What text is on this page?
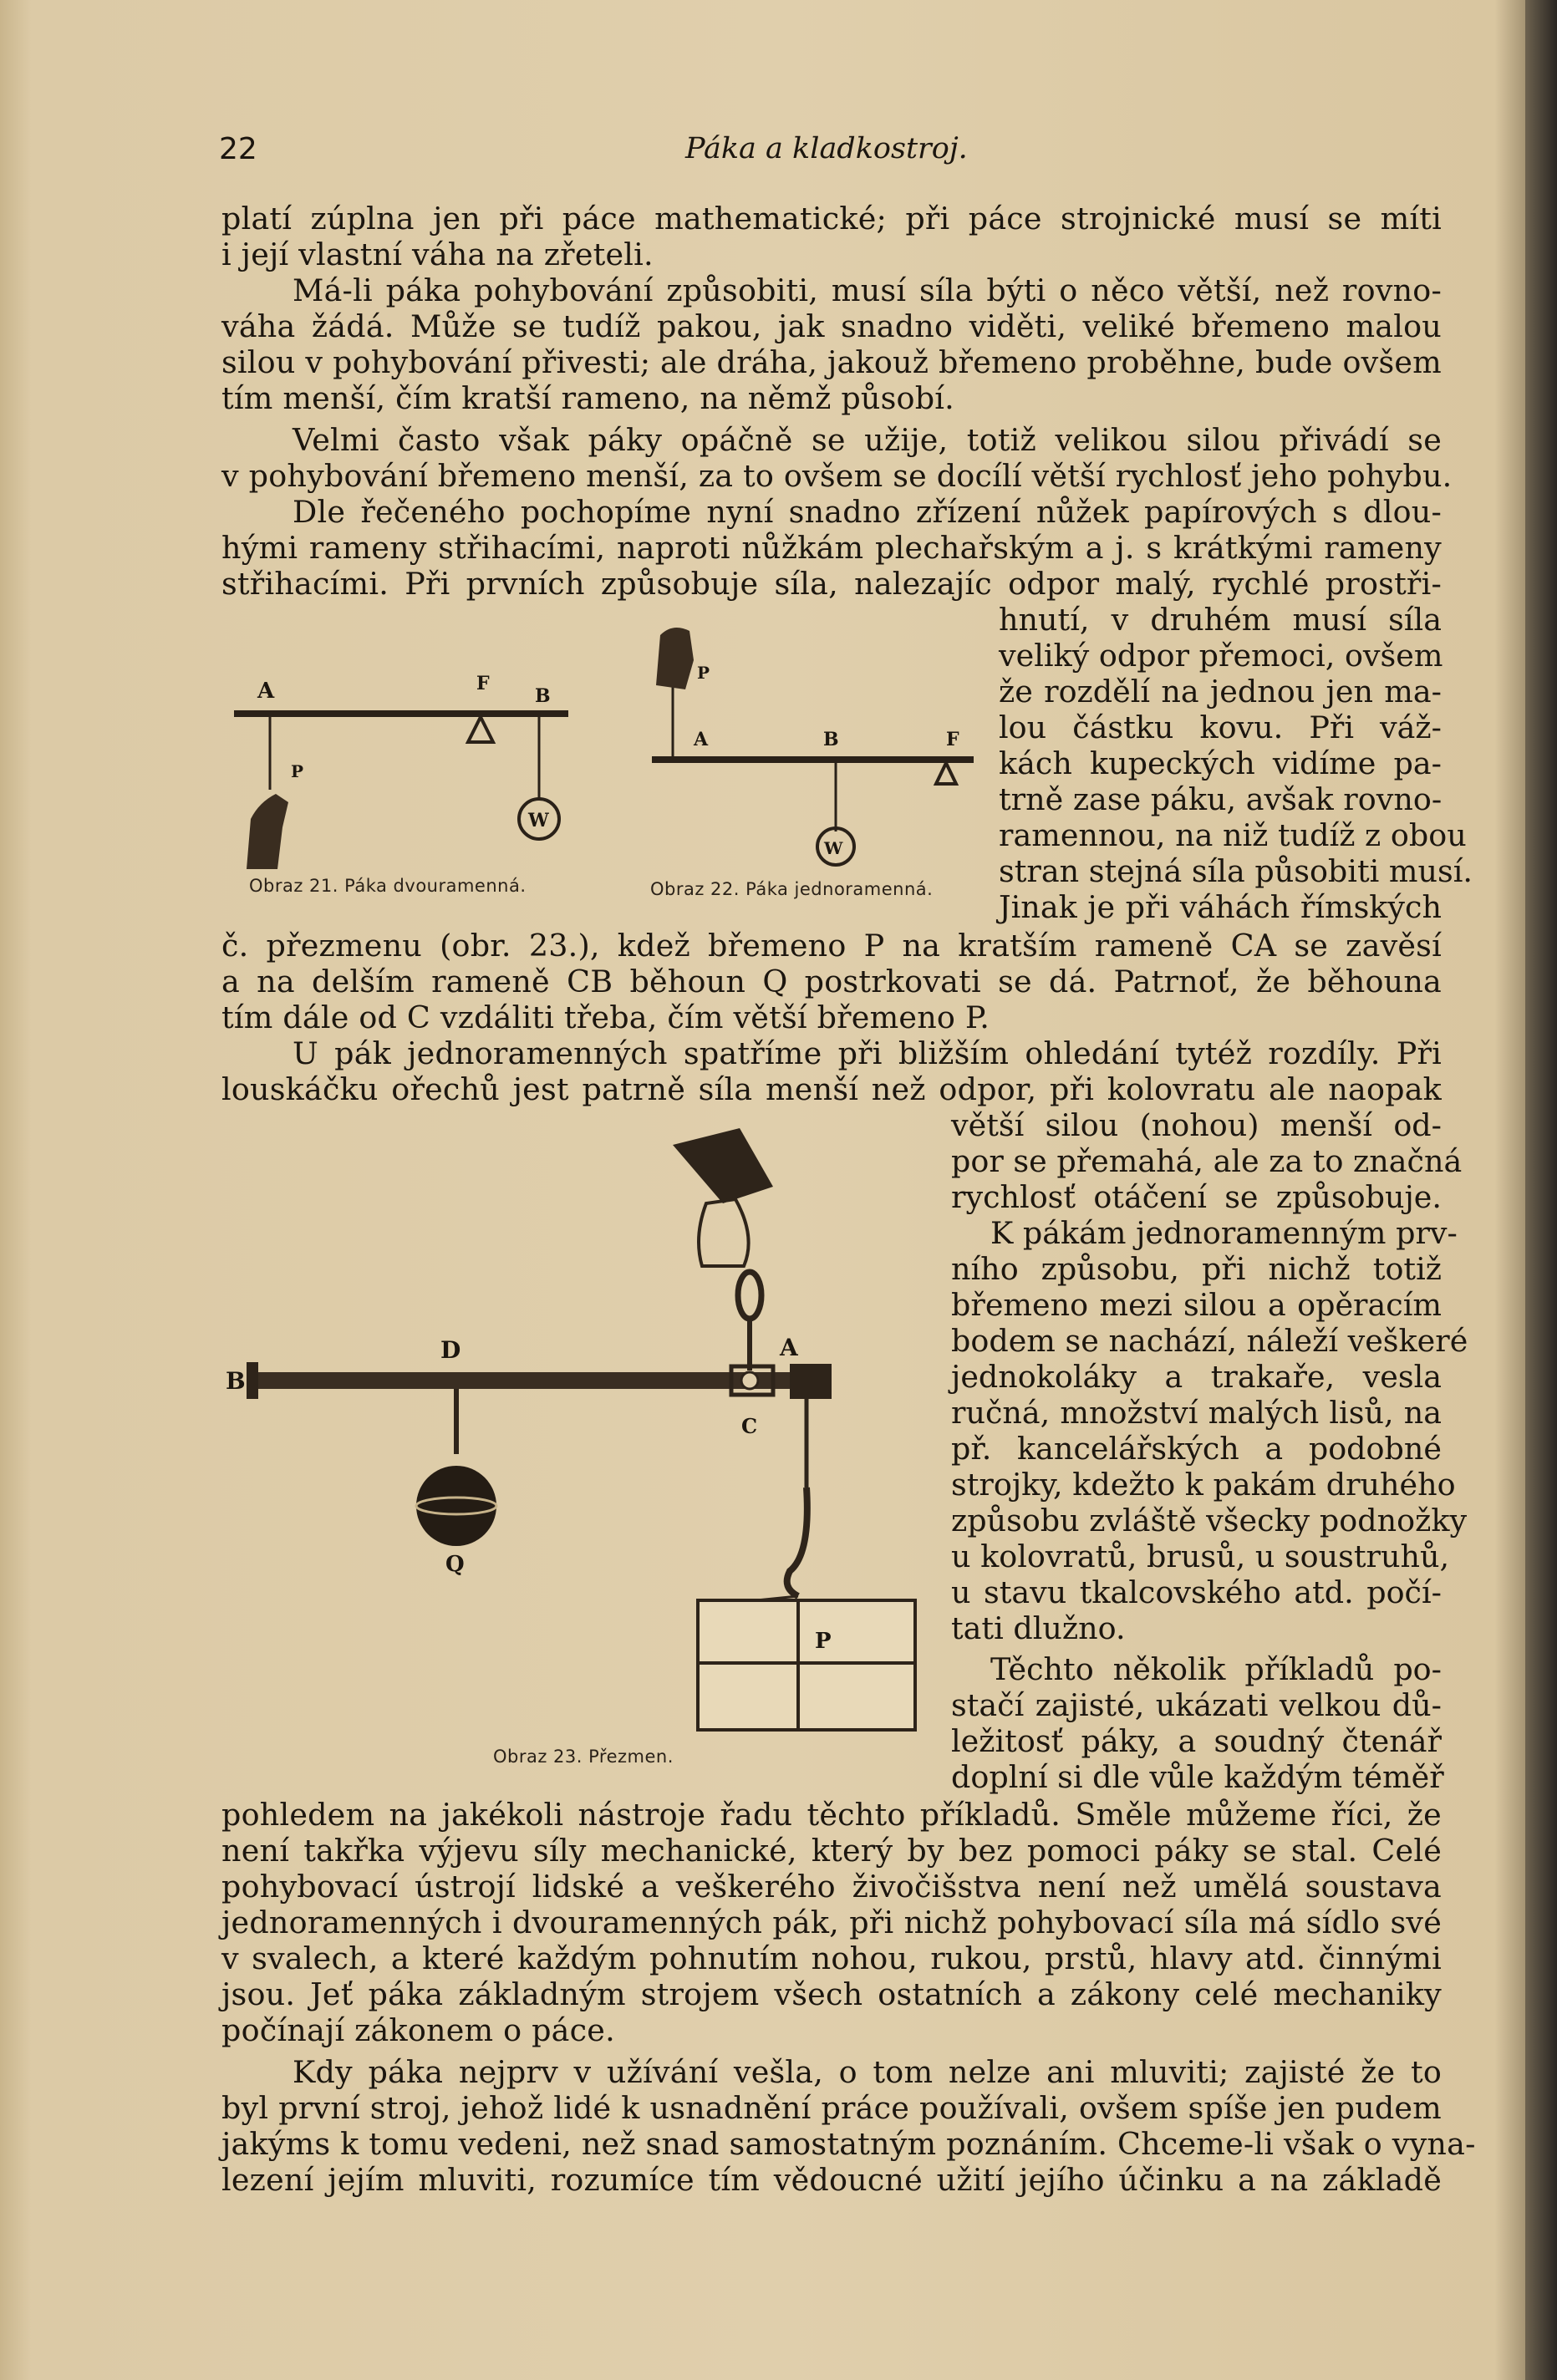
22	Páka a kladkostroj.
platí zúplna jen při páce mathematické; při páce strojnické musí se míti
i její vlastní váha na zřeteli.
Má-li páka pohybování způsobiti, musí síla býti o něco větší, než rovno-
váha žádá. Může se tudíž pakou, jak snadno viděti, veliké břemeno malou
silou v pohybování přivesti; ale dráha, jakouž břemeno proběhne, bude ovšem
tím menší, čím kratší rameno, na němž působí.
Velmi často však páky opáčně se užije, totiž velikou silou přivádí se
v pohybování břemeno menší, za to ovšem se docílí větší rychlosť jeho pohybu.
Dle řečeného pochopíme nyní snadno zřízení nůžek papírových s dlou-
hými rameny střihacími, naproti nůžkám plechařským a j. s krátkými rameny
střihacími. Při prvních způsobuje síla, nalezajíc odpor malý, rychlé prostři-
hnutí, v druhém musí síla
veliký odpor přemoci, ovšem
že rozdělí na jednou jen ma-
lou částku kovu. Při váž-
kách kupeckých vidíme pa-
trně zase páku, avšak rovno-
ramennou, na niž tudíž z obou
stran stejná síla působiti musí.
Jinak je při váhách římských
W
A	F
B
P
Obraz 21. Páka dvouramenná.
W
P
A	B	F
Obraz 22. Páka jednoramenná.
č. přezmenu (obr. 23.), kdež břemeno P na kratším rameně CA se zavěsí
a na delším rameně CB běhoun Q postrkovati se dá. Patrnoť, že běhouna
tím dále od C vzdáliti třeba, čím větší břemeno P.
U pák jednoramenných spatříme při bližším ohledání tytéž rozdíly. Při
louskáčku ořechů jest patrně síla menší než odpor, při kolovratu ale naopak
větší silou (nohou) menší od-
por se přemahá, ale za to značná
rychlosť otáčení se způsobuje.
K pákám jednoramenným prv-
ního způsobu, při nichž totiž
břemeno mezi silou a opěracím
bodem se nachází, náleží veškeré
jednokoláky a trakaře, vesla
ručná, množství malých lisů, na
př. kancelářských a podobné
strojky, kdežto k pakám druhého
způsobu zvláště všecky podnožky
u kolovratů, brusů, u soustruhů,
u stavu tkalcovského atd. počí-
tati dlužno.
Těchto několik příkladů po-
stačí zajisté, ukázati velkou dů-
ležitosť páky, a soudný čtenář
doplní si dle vůle každým téměř
D	A
B
C
Q
P
Obraz 23. Přezmen.
pohledem na jakékoli nástroje řadu těchto příkladů. Směle můžeme říci, že
není takřka výjevu síly mechanické, který by bez pomoci páky se stal. Celé
pohybovací ústrojí lidské a veškerého živočišstva není než umělá soustava
jednoramenných i dvouramenných pák, při nichž pohybovací síla má sídlo své
v svalech, a které každým pohnutím nohou, rukou, prstů, hlavy atd. činnými
jsou. Jeť páka základným strojem všech ostatních a zákony celé mechaniky
počínají zákonem o páce.
Kdy páka nejprv v užívání vešla, o tom nelze ani mluviti; zajisté že to
byl první stroj, jehož lidé k usnadnění práce používali, ovšem spíše jen pudem
jakýms k tomu vedeni, než snad samostatným poznáním. Chceme-li však o vyna-
lezení jejím mluviti, rozumíce tím vědoucné užití jejího účinku a na základě
